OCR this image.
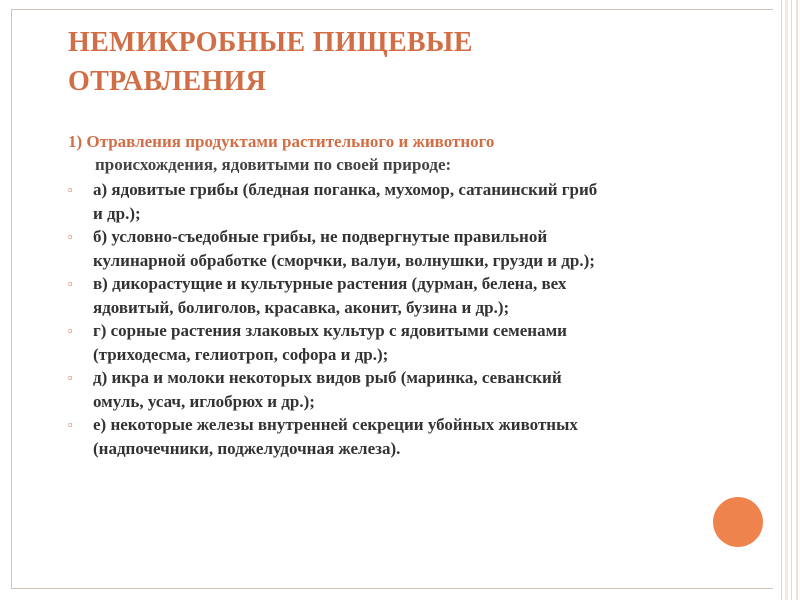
НЕМИКРОБНЫЕ ПИЩЕВЫЕ
ОТРАВЛЕНИЯ
1) Отравления продуктами растительного и животного
происхождения, ядовитыми по своей природе:
▫ а) ядовитые грибы (бледная поганка, мухомор, сатанинский гриб
и др.);
▫ б) условно-съедобные грибы, не подвергнутые правильной
кулинарной обработке (сморчки, валуи, волнушки, грузди и др.);
▫ в) дикорастущие и культурные растения (дурман, белена, вех
ядовитый, болиголов, красавка, аконит, бузина и др.);
▫ г) сорные растения злаковых культур с ядовитыми семенами
(триходесма, гелиотроп, софора и др.);
▫ д) икра и молоки некоторых видов рыб (маринка, севанский
омуль, усач, иглобрюх и др.);
▫ е) некоторые железы внутренней секреции убойных животных
(надпочечники, поджелудочная железа).
